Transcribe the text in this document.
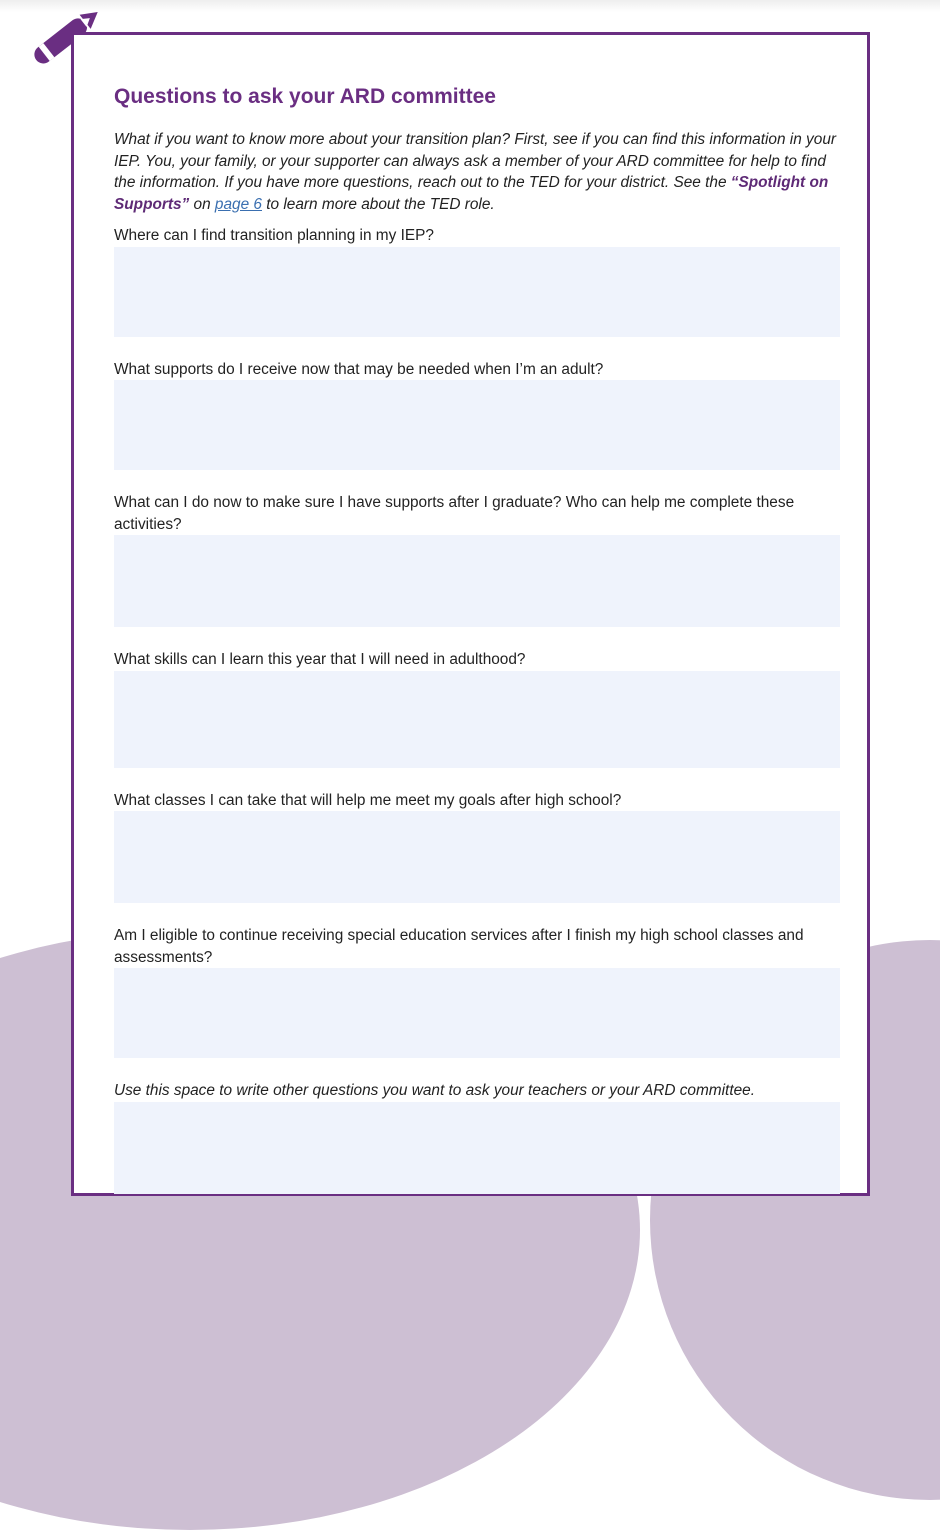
Questions to ask your ARD committee

What if you want to know more about your transition plan? First, see if you can find this information in your IEP. You, your family, or your supporter can always ask a member of your ARD committee for help to find the information. If you have more questions, reach out to the TED for your district. See the “Spotlight on Supports” on page 6 to learn more about the TED role.

Where can I find transition planning in my IEP?

What supports do I receive now that may be needed when I’m an adult?

What can I do now to make sure I have supports after I graduate? Who can help me complete these activities?

What skills can I learn this year that I will need in adulthood?

What classes I can take that will help me meet my goals after high school?

Am I eligible to continue receiving special education services after I finish my high school classes and assessments?

Use this space to write other questions you want to ask your teachers or your ARD committee.
